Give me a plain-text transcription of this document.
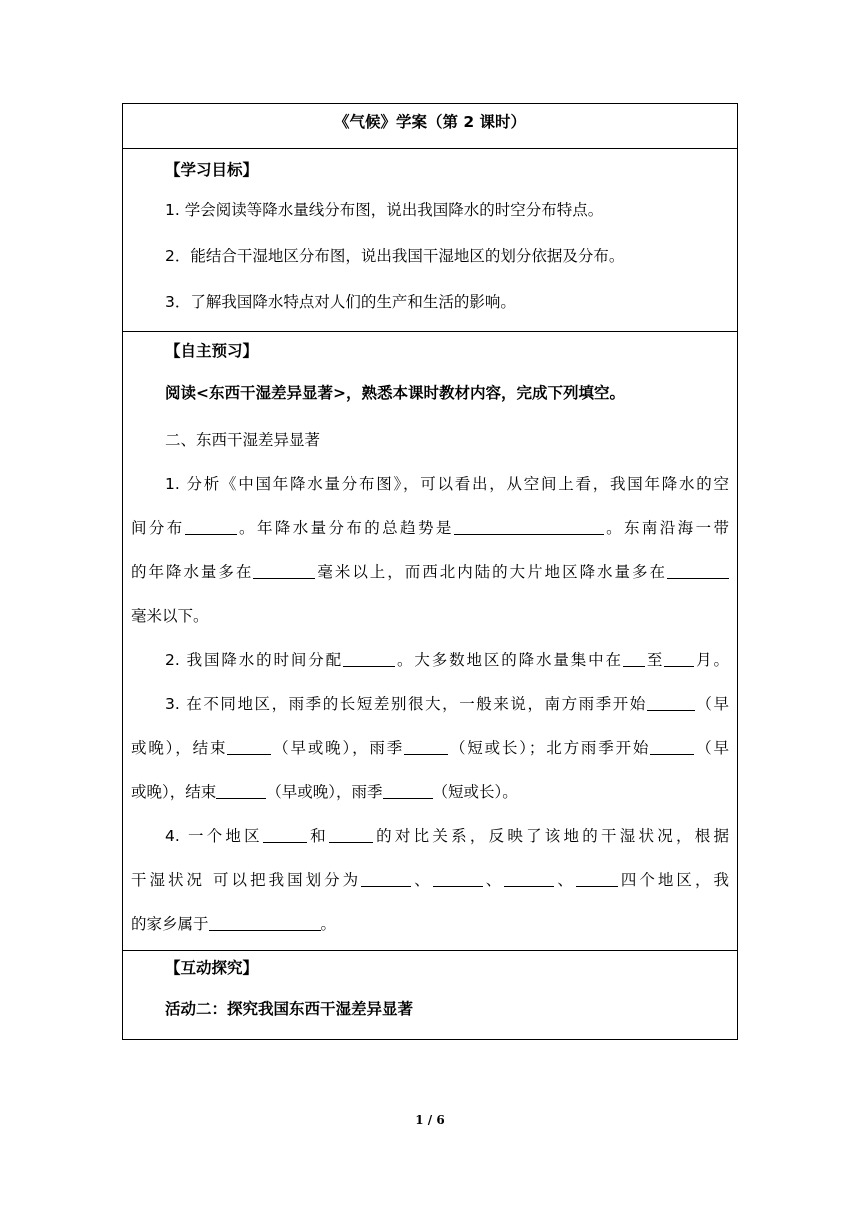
《气候》学案（第 2 课时）

【学习目标】
1. 学会阅读等降水量线分布图，说出我国降水的时空分布特点。
2．能结合干湿地区分布图，说出我国干湿地区的划分依据及分布。
3．了解我国降水特点对人们的生产和生活的影响。

【自主预习】
阅读<东西干湿差异显著>，熟悉本课时教材内容，完成下列填空。
二、东西干湿差异显著
1. 分析《中国年降水量分布图》，可以看出，从空间上看，我国年降水的空
间分布	。年降水量分布的总趋势是	。东南沿海一带
的年降水量多在	毫米以上，而西北内陆的大片地区降水量多在
毫米以下。
2. 我国降水的时间分配	。大多数地区的降水量集中在 至 月。
3. 在不同地区，雨季的长短差别很大，一般来说，南方雨季开始	（早
或晚），结束	（早或晚），雨季	（短或长）；北方雨季开始	（早
或晚），结束	（早或晚），雨季	（短或长）。
4. 一个地区	和	的对比关系，反映了该地的干湿状况，根据
干湿状况 可以把我国划分为	、	、	、	四个地区，我
的家乡属于	。

【互动探究】
活动二：探究我国东西干湿差异显著
1 / 6
